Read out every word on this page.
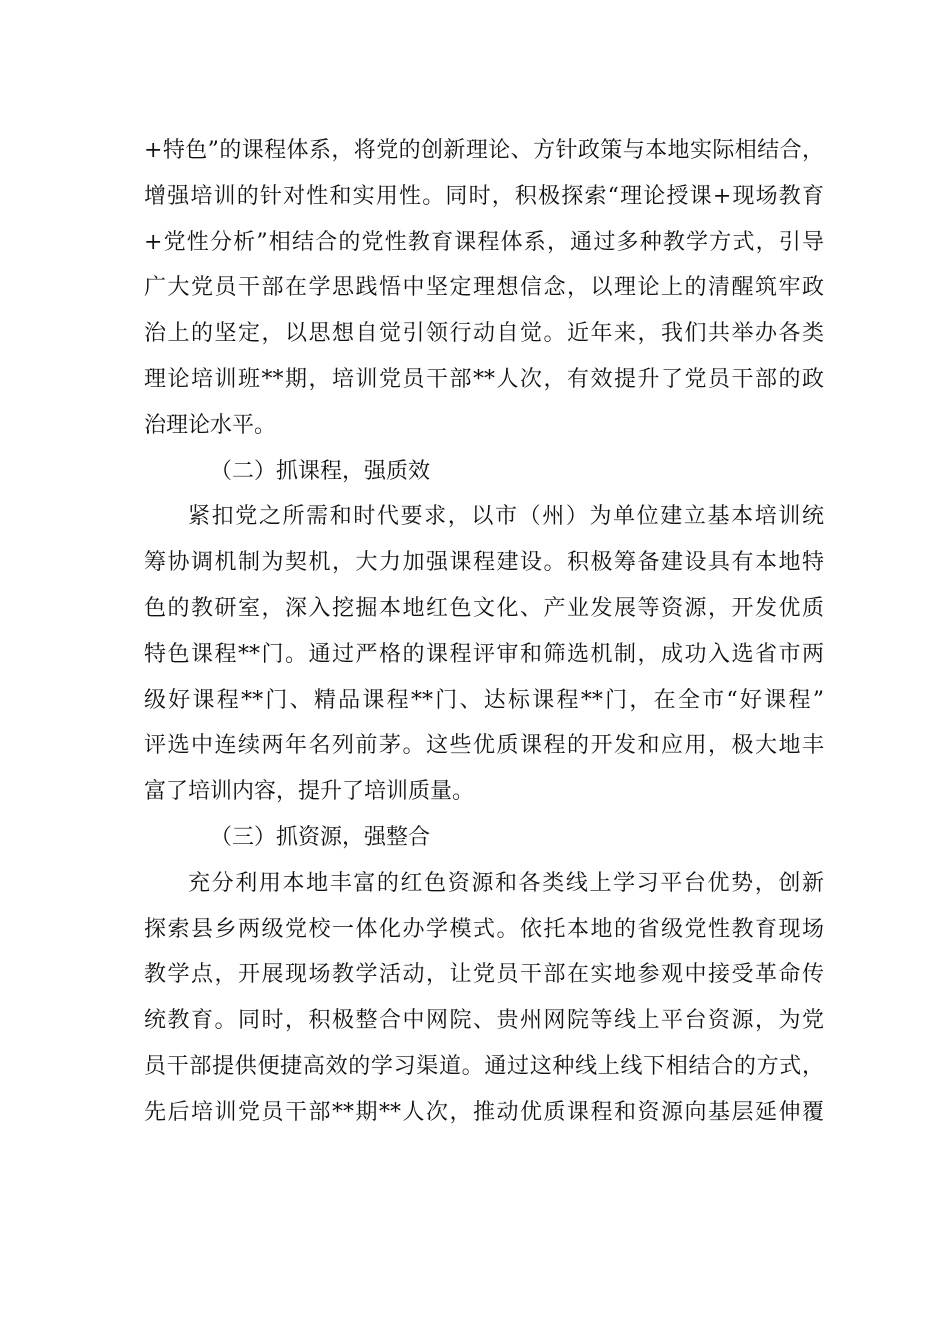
+特色”的课程体系，将党的创新理论、方针政策与本地实际相结合，
增强培训的针对性和实用性。同时，积极探索“理论授课+现场教育
+党性分析”相结合的党性教育课程体系，通过多种教学方式，引导
广大党员干部在学思践悟中坚定理想信念，以理论上的清醒筑牢政
治上的坚定，以思想自觉引领行动自觉。近年来，我们共举办各类
理论培训班**期，培训党员干部**人次，有效提升了党员干部的政
治理论水平。
（二）抓课程，强质效
紧扣党之所需和时代要求，以市（州）为单位建立基本培训统
筹协调机制为契机，大力加强课程建设。积极筹备建设具有本地特
色的教研室，深入挖掘本地红色文化、产业发展等资源，开发优质
特色课程**门。通过严格的课程评审和筛选机制，成功入选省市两
级好课程**门、精品课程**门、达标课程**门，在全市“好课程”
评选中连续两年名列前茅。这些优质课程的开发和应用，极大地丰
富了培训内容，提升了培训质量。
（三）抓资源，强整合
充分利用本地丰富的红色资源和各类线上学习平台优势，创新
探索县乡两级党校一体化办学模式。依托本地的省级党性教育现场
教学点，开展现场教学活动，让党员干部在实地参观中接受革命传
统教育。同时，积极整合中网院、贵州网院等线上平台资源，为党
员干部提供便捷高效的学习渠道。通过这种线上线下相结合的方式，
先后培训党员干部**期**人次，推动优质课程和资源向基层延伸覆
